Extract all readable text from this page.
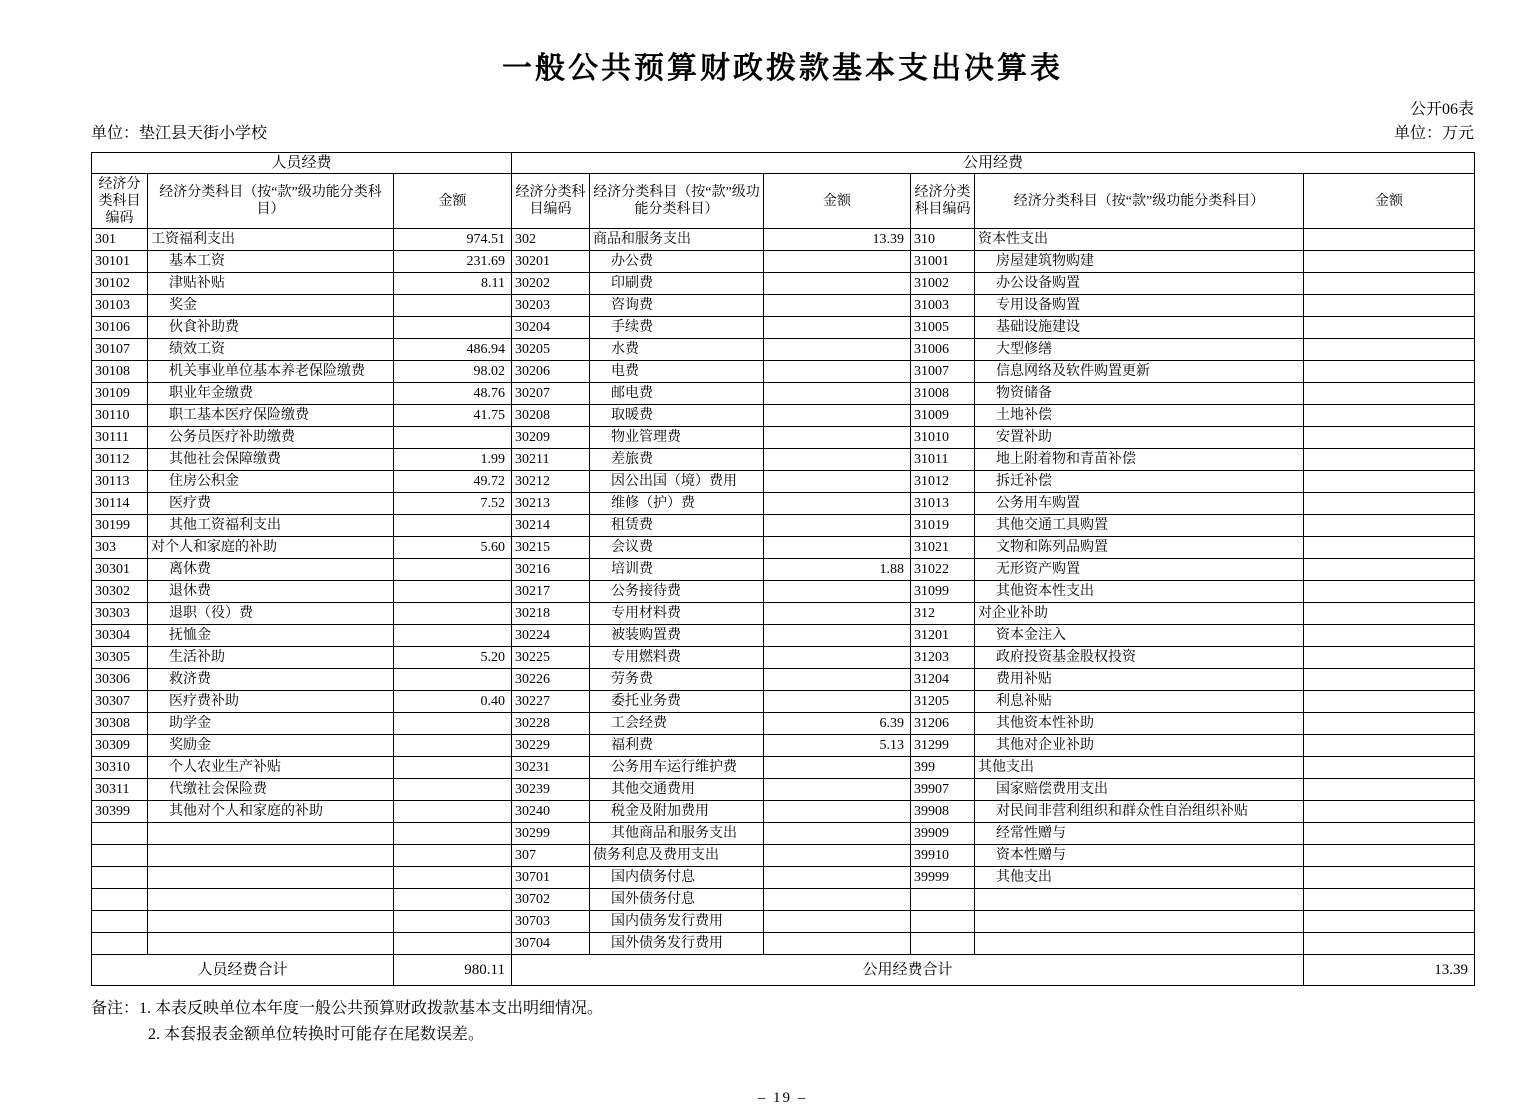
一般公共预算财政拨款基本支出决算表
公开06表
单位：垫江县天街小学校	单位：万元
人员经费			公用经费					
经济分类科目编码	经济分类科目（按“款”级功能分类科目）	金额	经济分类科目编码	经济分类科目（按“款”级功能分类科目）	金额	经济分类科目编码	经济分类科目（按“款”级功能分类科目）	金额
301	工资福利支出	974.51	302	商品和服务支出	13.39	310	资本性支出	
30101	基本工资	231.69	30201	办公费		31001	房屋建筑物购建	
30102	津贴补贴	8.11	30202	印刷费		31002	办公设备购置	
30103	奖金		30203	咨询费		31003	专用设备购置	
30106	伙食补助费		30204	手续费		31005	基础设施建设	
30107	绩效工资	486.94	30205	水费		31006	大型修缮	
30108	机关事业单位基本养老保险缴费	98.02	30206	电费		31007	信息网络及软件购置更新	
30109	职业年金缴费	48.76	30207	邮电费		31008	物资储备	
30110	职工基本医疗保险缴费	41.75	30208	取暖费		31009	土地补偿	
30111	公务员医疗补助缴费		30209	物业管理费		31010	安置补助	
30112	其他社会保障缴费	1.99	30211	差旅费		31011	地上附着物和青苗补偿	
30113	住房公积金	49.72	30212	因公出国（境）费用		31012	拆迁补偿	
30114	医疗费	7.52	30213	维修（护）费		31013	公务用车购置	
30199	其他工资福利支出		30214	租赁费		31019	其他交通工具购置	
303	对个人和家庭的补助	5.60	30215	会议费		31021	文物和陈列品购置	
30301	离休费		30216	培训费	1.88	31022	无形资产购置	
30302	退休费		30217	公务接待费		31099	其他资本性支出	
30303	退职（役）费		30218	专用材料费		312	对企业补助	
30304	抚恤金		30224	被装购置费		31201	资本金注入	
30305	生活补助	5.20	30225	专用燃料费		31203	政府投资基金股权投资	
30306	救济费		30226	劳务费		31204	费用补贴	
30307	医疗费补助	0.40	30227	委托业务费		31205	利息补贴	
30308	助学金		30228	工会经费	6.39	31206	其他资本性补助	
30309	奖励金		30229	福利费	5.13	31299	其他对企业补助	
30310	个人农业生产补贴		30231	公务用车运行维护费		399	其他支出	
30311	代缴社会保险费		30239	其他交通费用		39907	国家赔偿费用支出	
30399	其他对个人和家庭的补助		30240	税金及附加费用		39908	对民间非营利组织和群众性自治组织补贴	
			30299	其他商品和服务支出		39909	经常性赠与	
			307	债务利息及费用支出		39910	资本性赠与	
			30701	国内债务付息		39999	其他支出	
			30702	国外债务付息				
			30703	国内债务发行费用				
			30704	国外债务发行费用				
人员经费合计		980.11	公用经费合计					13.39
备注：1. 本表反映单位本年度一般公共预算财政拨款基本支出明细情况。
2. 本套报表金额单位转换时可能存在尾数误差。
– 19 –
